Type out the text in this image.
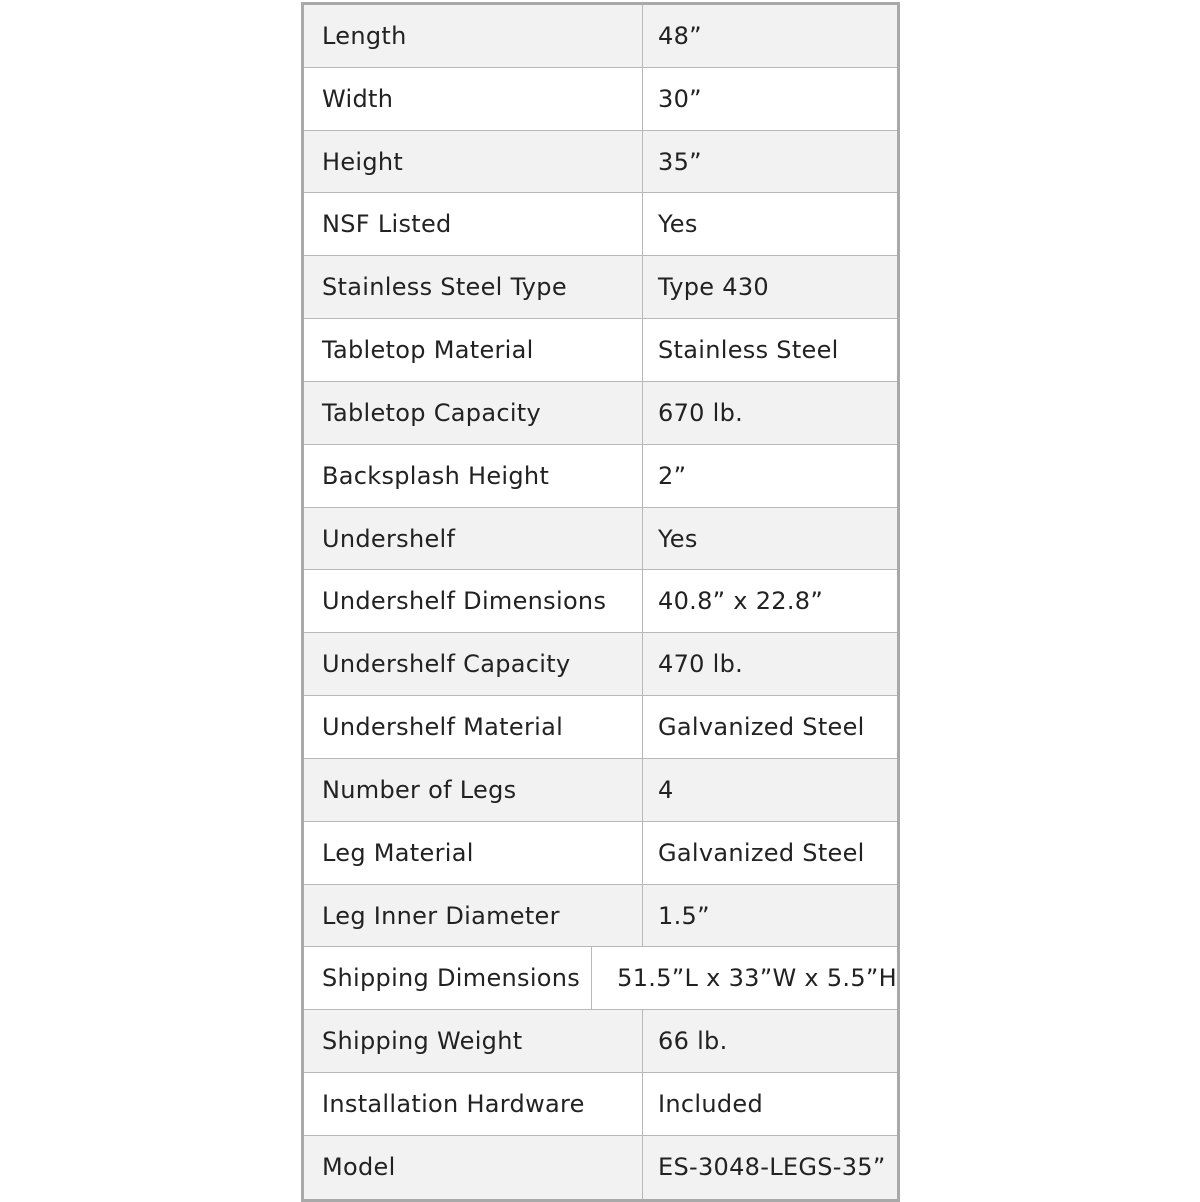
Length	48”
Width	30”
Height	35”
NSF Listed	Yes
Stainless Steel Type	Type 430
Tabletop Material	Stainless Steel
Tabletop Capacity	670 lb.
Backsplash Height	2”
Undershelf	Yes
Undershelf Dimensions	40.8” x 22.8”
Undershelf Capacity	470 lb.
Undershelf Material	Galvanized Steel
Number of Legs	4
Leg Material	Galvanized Steel
Leg Inner Diameter	1.5”
Shipping Dimensions	51.5”L x 33”W x 5.5”H
Shipping Weight	66 lb.
Installation Hardware	Included
Model	ES-3048-LEGS-35”
